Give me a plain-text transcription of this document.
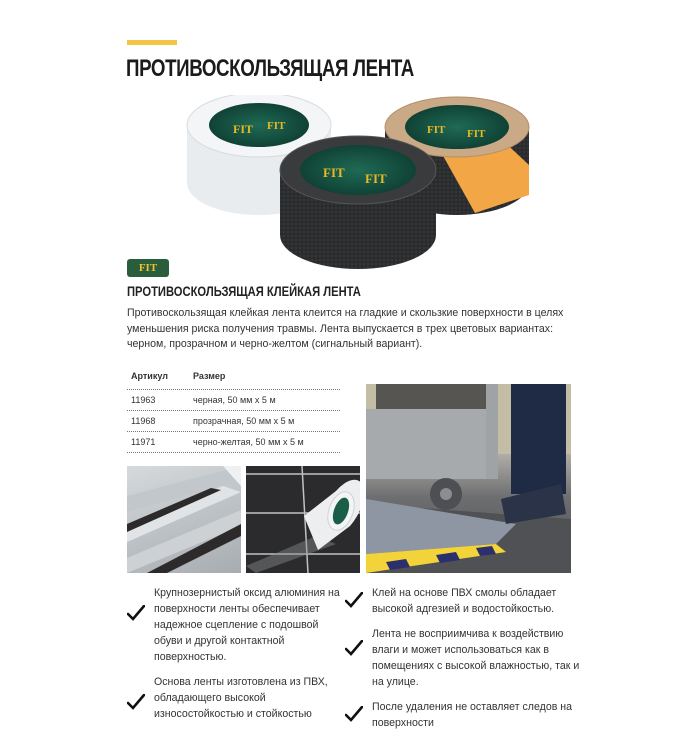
ПРОТИВОСКОЛЬЗЯЩАЯ ЛЕНТА
FIT FIT	FIT FIT
FIT FIT
FIT
ПРОТИВОСКОЛЬЗЯЩАЯ КЛЕЙКАЯ ЛЕНТА
Противоскользящая клейкая лента клеится на гладкие и скользкие поверхности в целях уменьшения риска получения травмы. Лента выпускается в трех цветовых вариантах: черном, прозрачном и черно-желтом (сигнальный вариант).
Артикул	Размер
11963	черная, 50 мм x 5 м
11968	прозрачная, 50 мм x 5 м
11971	черно-желтая, 50 мм x 5 м
Крупнозернистый оксид алюминия на поверхности ленты обеспечивает надежное сцепление с подошвой обуви и другой контактной поверхностью.
Основа ленты изготовлена из ПВХ, обладающего высокой износостойкостью и стойкостью
Клей на основе ПВХ смолы обладает высокой адгезией и водостойкостью.
Лента не восприимчива к воздействию влаги и может использоваться как в помещениях с высокой влажностью, так и на улице.
После удаления не оставляет следов на поверхности
